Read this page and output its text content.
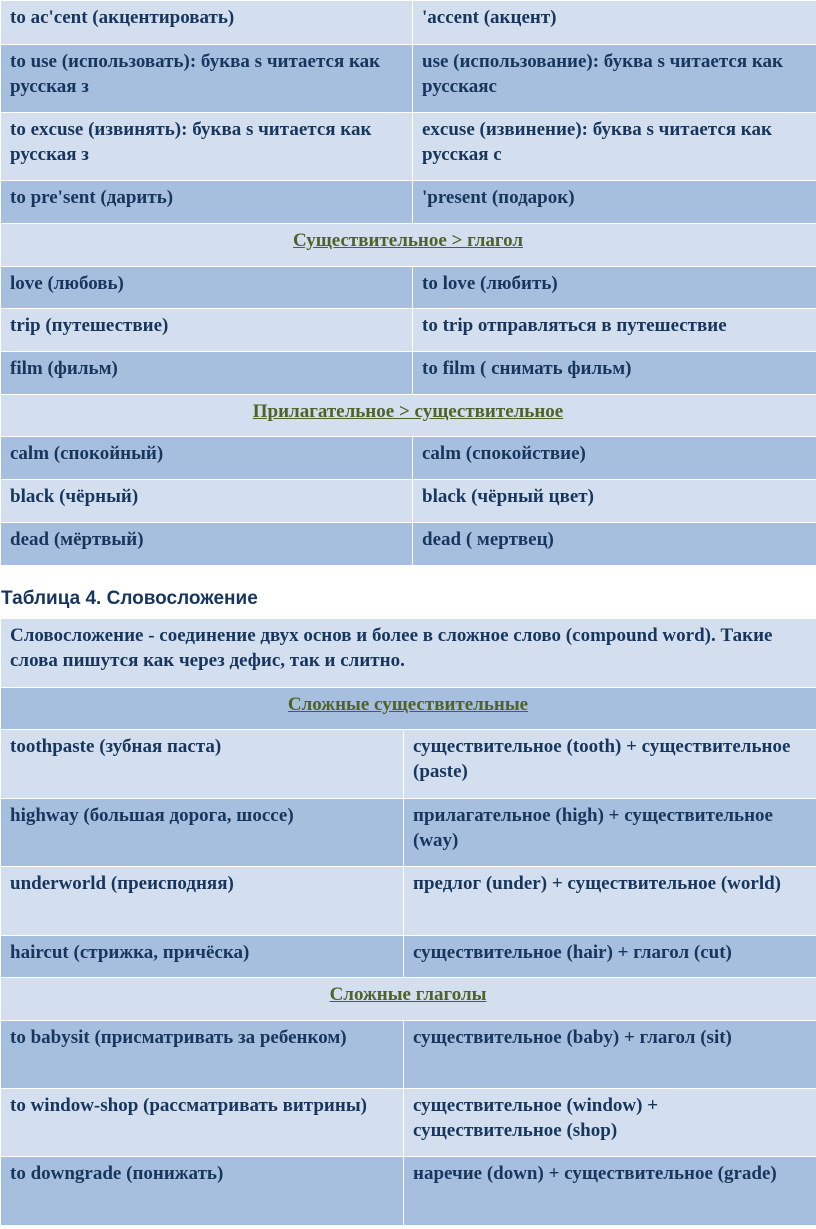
to ac'cent (акцентировать)	'accent (акцент)
to use (использовать): буква s читается как русская з	use (использование): буква s читается как русскаяс
to excuse (извинять): буква s читается как русская з	excuse (извинение): буква s читается как русская с
to pre'sent (дарить)	'present (подарок)
Существительное > глагол	
love (любовь)	to love (любить)
trip (путешествие)	to trip отправляться в путешествие
film (фильм)	to film ( снимать фильм)
Прилагательное > существительное	
calm (спокойный)	calm (спокойствие)
black (чёрный)	black (чёрный цвет)
dead (мёртвый)	dead ( мертвец)
Таблица 4. Словосложение
Словосложение - соединение двух основ и более в сложное слово (compound word). Такие слова пишутся как через дефис, так и слитно.	
Сложные существительные	
toothpaste (зубная паста)	существительное (tooth) + существительное (paste)
highway (большая дорога, шоссе)	прилагательное (high) + существительное (way)
underworld (преисподняя)	предлог (under) + существительное (world)
haircut (стрижка, причёска)	существительное (hair) + глагол (cut)
Сложные глаголы	
to babysit (присматривать за ребенком)	существительное (baby) + глагол (sit)
to window-shop (рассматривать витрины)	существительное (window) + существительное (shop)
to downgrade (понижать)	наречие (down) + существительное (grade)
